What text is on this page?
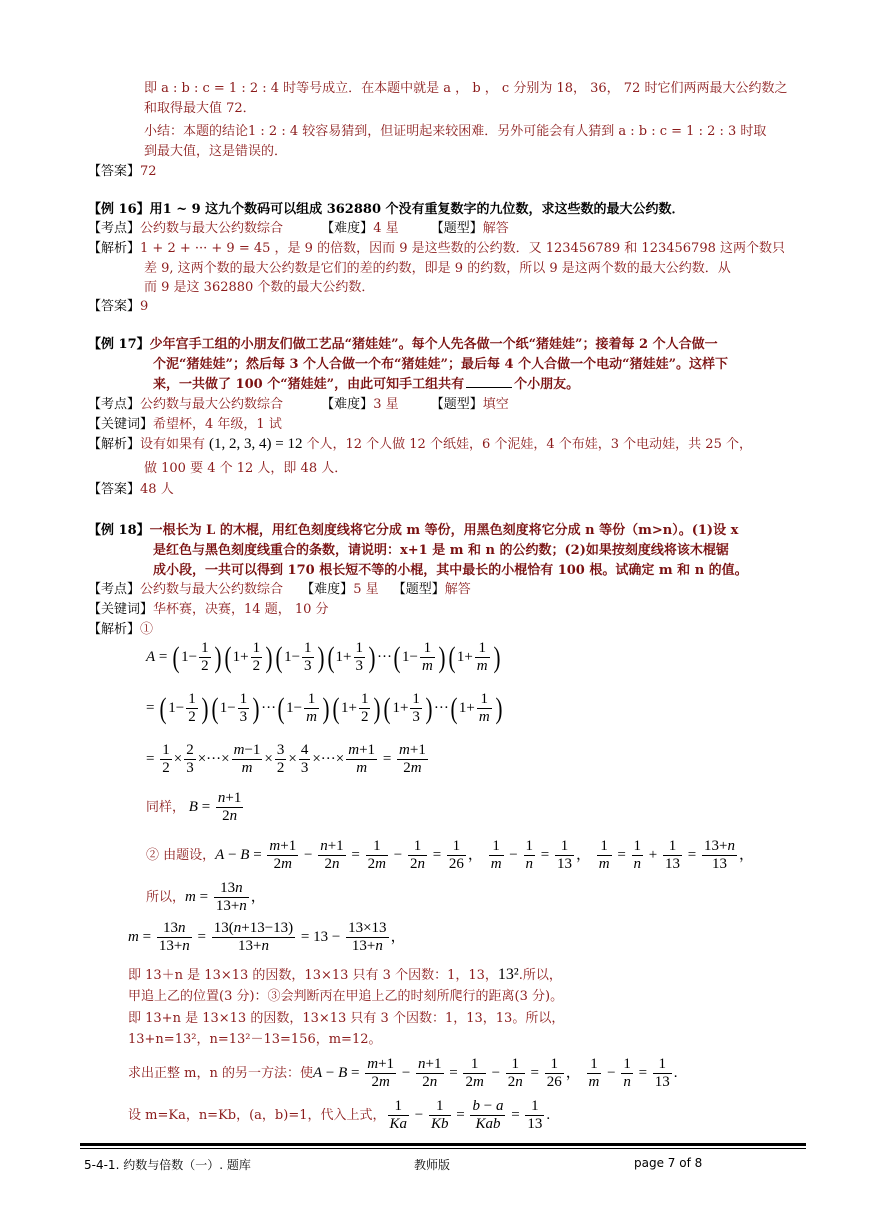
即 a : b : c = 1 : 2 : 4 时等号成立．在本题中就是 a ， b ， c 分别为 18， 36， 72 时它们两两最大公约数之
和取得最大值 72．
小结：本题的结论1 : 2 : 4 较容易猜到，但证明起来较困难．另外可能会有人猜到 a : b : c = 1 : 2 : 3 时取
到最大值，这是错误的．
【答案】72
【例 16】用1 ~ 9 这九个数码可以组成 362880 个没有重复数字的九位数，求这些数的最大公约数．
【考点】公约数与最大公约数综合	【难度】4 星 【题型】解答
【解析】1 + 2 + ··· + 9 = 45 ，是 9 的倍数，因而 9 是这些数的公约数．又 123456789 和 123456798 这两个数只
差 9, 这两个数的最大公约数是它们的差的约数，即是 9 的约数，所以 9 是这两个数的最大公约数．从
而 9 是这 362880 个数的最大公约数．
【答案】9
【例 17】少年宫手工组的小朋友们做工艺品“猪娃娃”。每个人先各做一个纸“猪娃娃”；接着每 2 个人合做一
个泥“猪娃娃”；然后每 3 个人合做一个布“猪娃娃”；最后每 4 个人合做一个电动“猪娃娃”。这样下
来，一共做了 100 个“猪娃娃”，由此可知手工组共有	个小朋友。
【考点】公约数与最大公约数综合	【难度】3 星 【题型】填空
【关键词】希望杯，4 年级，1 试
【解析】设有如果有 (1, 2, 3, 4) = 12 个人，12 个人做 12 个纸娃，6 个泥娃，4 个布娃，3 个电动娃，共 25 个，
做 100 要 4 个 12 人，即 48 人．
【答案】48 人
【例 18】一根长为 L 的木棍，用红色刻度线将它分成 m 等份，用黑色刻度将它分成 n 等份（m>n）。(1)设 x
是红色与黑色刻度线重合的条数，请说明：x+1 是 m 和 n 的公约数；(2)如果按刻度线将该木棍锯
成小段，一共可以得到 170 根长短不等的小棍，其中最长的小棍恰有 100 根。试确定 m 和 n 的值。
【考点】公约数与最大公约数综合 【难度】5 星 【题型】解答
【关键词】华杯赛，决赛，14 题， 10 分
【解析】①
A = ( $1- \frac{1}{2}$ ) ( $1+ \frac{1}{2}$ ) ( $1- \frac{1}{3}$ ) ( $1+ \frac{1}{3}$ ) ···( $1- \frac{1}{m}$ ) ( $1+ \frac{1}{m}$ )
= ( $1- \frac{1}{2}$ ) ( $1- \frac{1}{3}$ ) ···( $1- \frac{1}{m}$ ) ( $1+ \frac{1}{2}$ ) ( $1+ \frac{1}{3}$ ) ···( $1+ \frac{1}{m}$ )
= $\frac{1}{2} \times \frac{2}{3}$ ×···× $\frac{m-1}{m} \times \frac{3}{2} \times \frac{4}{3}$ ×···× $\frac{m+1}{m} = \frac{m+1}{2m}$
同样， $B = \frac{n+1}{2n}$
② 由题设，$A - B = \frac{m+1}{2m} - \frac{n+1}{2n} = \frac{1}{2m} - \frac{1}{2n} = \frac{1}{26}$ ， $\frac{1}{m} - \frac{1}{n} = \frac{1}{13}$ ， $\frac{1}{m} = \frac{1}{n} + \frac{1}{13} = \frac{13+n}{13}$ ，
所以，$m = \frac{13n}{13+n}$ ，
$m = \frac{13n}{13+n} = \frac{13(n+13-13)}{13+n} = 13 - \frac{13\times 13}{13+n}$ ，
即 13＋n 是 13×13 的因数，13×13 只有 3 个因数：1，13，13².所以，
甲追上乙的位置(3 分)：③会判断丙在甲追上乙的时刻所爬行的距离(3 分)。
即 13+n 是 13×13 的因数，13×13 只有 3 个因数：1，13，13。所以，
13+n=13²，n=13²－13=156，m=12。
求出正整 m，n 的另一方法：使$A - B = \frac{m+1}{2m} - \frac{n+1}{2n} = \frac{1}{2m} - \frac{1}{2n} = \frac{1}{26}$ ， $\frac{1}{m} - \frac{1}{n} = \frac{1}{13}$ .
设 m=Ka，n=Kb，(a，b)=1，代入上式， $\frac{1}{Ka} - \frac{1}{Kb} = \frac{b - a}{\text{Kab}} = \frac{1}{13}$ .
5-4-1. 约数与倍数（一）. 题库	教师版	page 7 of 8
